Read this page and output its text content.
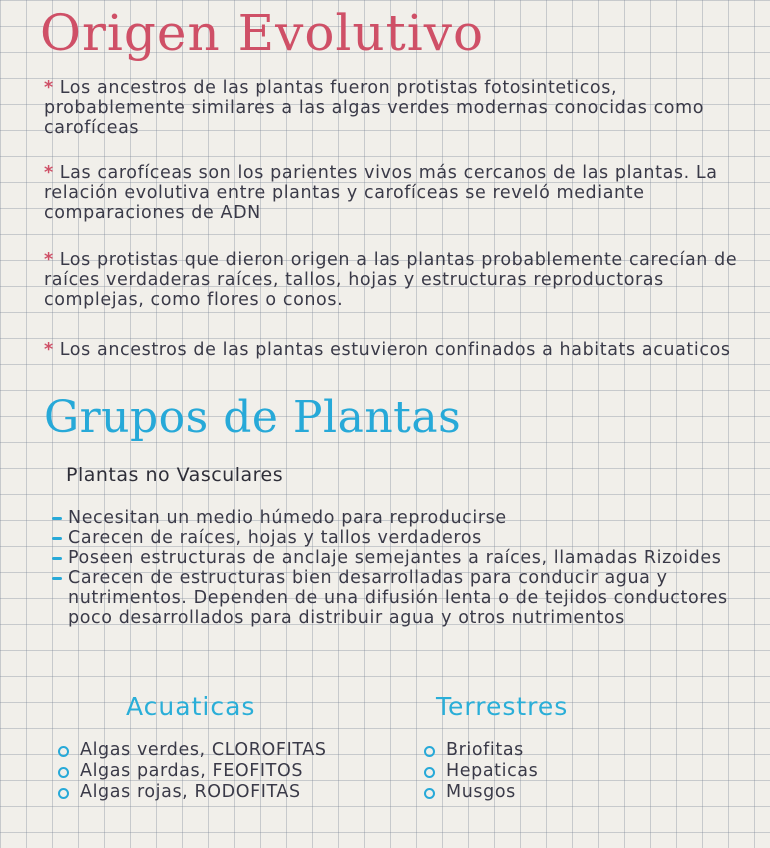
Origen Evolutivo

* Los ancestros de las plantas fueron protistas fotosinteticos, probablemente similares a las algas verdes modernas conocidas como carofíceas

* Las carofíceas son los parientes vivos más cercanos de las plantas. La relación evolutiva entre plantas y carofíceas se reveló mediante comparaciones de ADN

* Los protistas que dieron origen a las plantas probablemente carecían de raíces verdaderas raíces, tallos, hojas y estructuras reproductoras complejas, como flores o conos.

* Los ancestros de las plantas estuvieron confinados a habitats acuaticos

Grupos de Plantas
Plantas no Vasculares
Necesitan un medio húmedo para reproducirse
Carecen de raíces, hojas y tallos verdaderos
Poseen estructuras de anclaje semejantes a raíces, llamadas Rizoides
Carecen de estructuras bien desarrolladas para conducir agua y nutrimentos. Dependen de una difusión lenta o de tejidos conductores poco desarrollados para distribuir agua y otros nutrimentos
Acuaticas
Algas verdes, CLOROFITAS
Algas pardas, FEOFITOS
Algas rojas, RODOFITAS
Terrestres
Briofitas
Hepaticas
Musgos
